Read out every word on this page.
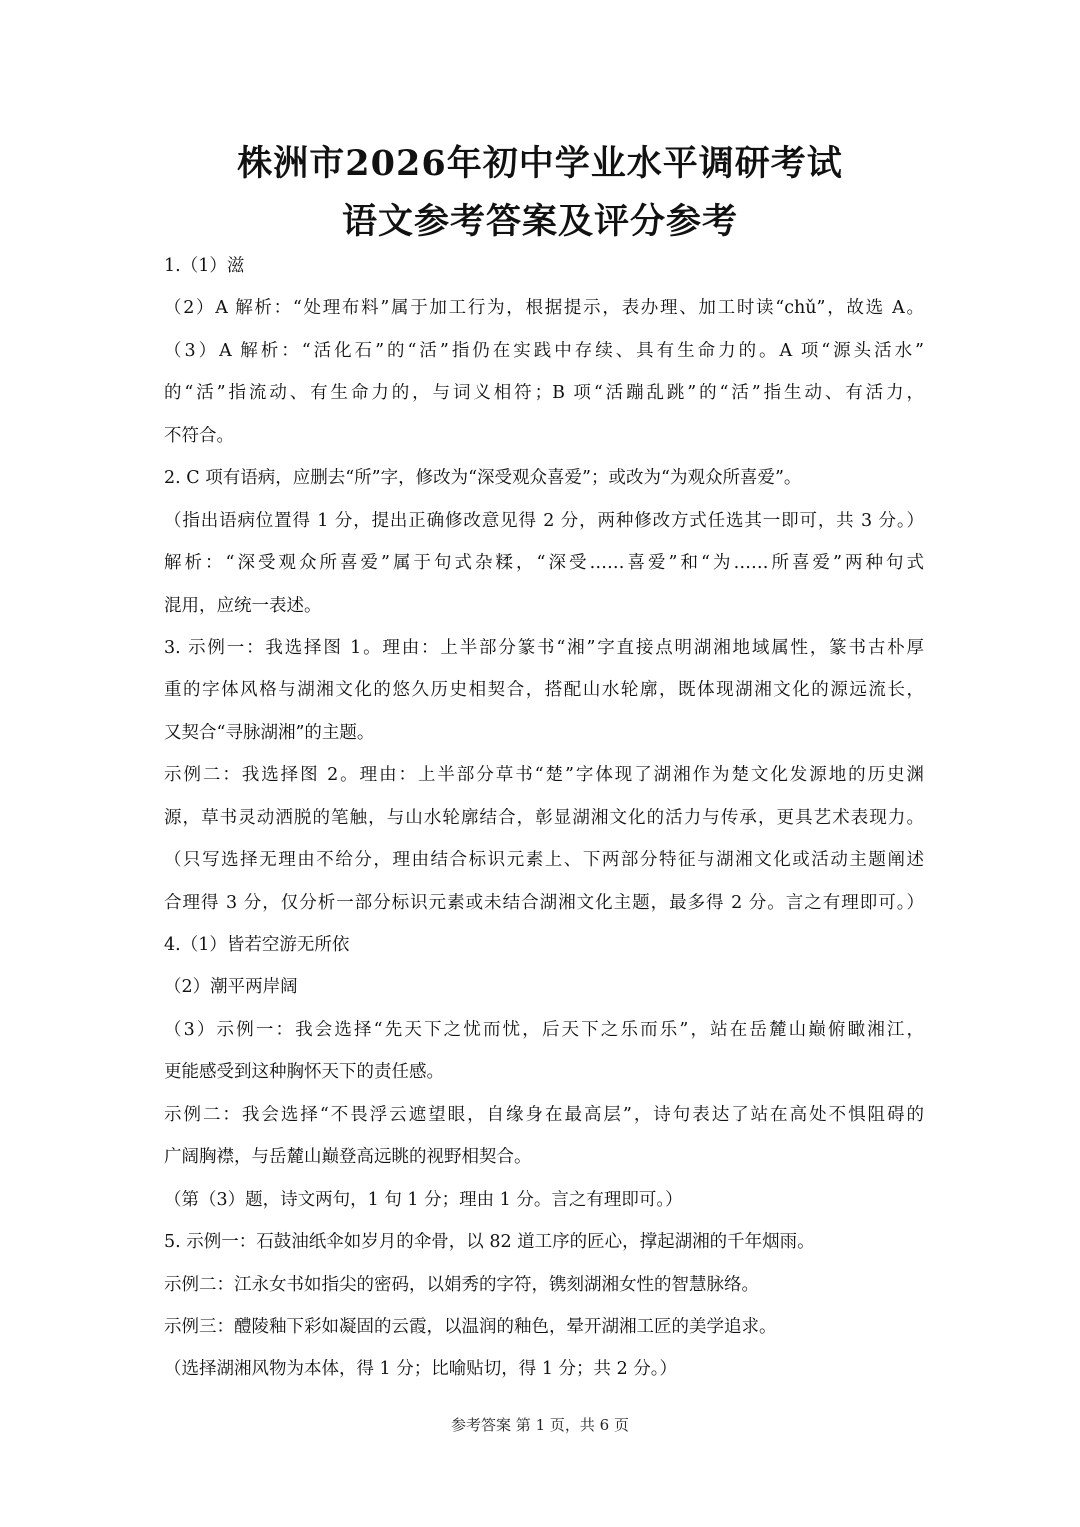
株洲市2026年初中学业水平调研考试
语文参考答案及评分参考
1.（1）滋
（2）A 解析：“处理布料”属于加工行为，根据提示，表办理、加工时读“chǔ”，故选 A。
（3）A 解析：“活化石”的“活”指仍在实践中存续、具有生命力的。A 项“源头活水”
的“活”指流动、有生命力的，与词义相符；B 项“活蹦乱跳”的“活”指生动、有活力，
不符合。
2. C 项有语病，应删去“所”字，修改为“深受观众喜爱”；或改为“为观众所喜爱”。
（指出语病位置得 1 分，提出正确修改意见得 2 分，两种修改方式任选其一即可，共 3 分。）
解析：“深受观众所喜爱”属于句式杂糅，“深受……喜爱”和“为……所喜爱”两种句式
混用，应统一表述。
3. 示例一：我选择图 1。理由：上半部分篆书“湘”字直接点明湖湘地域属性，篆书古朴厚
重的字体风格与湖湘文化的悠久历史相契合，搭配山水轮廓，既体现湖湘文化的源远流长，
又契合“寻脉湖湘”的主题。
示例二：我选择图 2。理由：上半部分草书“楚”字体现了湖湘作为楚文化发源地的历史渊
源，草书灵动洒脱的笔触，与山水轮廓结合，彰显湖湘文化的活力与传承，更具艺术表现力。
（只写选择无理由不给分，理由结合标识元素上、下两部分特征与湖湘文化或活动主题阐述
合理得 3 分，仅分析一部分标识元素或未结合湖湘文化主题，最多得 2 分。言之有理即可。）
4.（1）皆若空游无所依
（2）潮平两岸阔
（3）示例一：我会选择“先天下之忧而忧，后天下之乐而乐”，站在岳麓山巅俯瞰湘江，
更能感受到这种胸怀天下的责任感。
示例二：我会选择“不畏浮云遮望眼，自缘身在最高层”，诗句表达了站在高处不惧阻碍的
广阔胸襟，与岳麓山巅登高远眺的视野相契合。
（第（3）题，诗文两句，1 句 1 分；理由 1 分。言之有理即可。）
5. 示例一：石鼓油纸伞如岁月的伞骨，以 82 道工序的匠心，撑起湖湘的千年烟雨。
示例二：江永女书如指尖的密码，以娟秀的字符，镌刻湖湘女性的智慧脉络。
示例三：醴陵釉下彩如凝固的云霞，以温润的釉色，晕开湖湘工匠的美学追求。
（选择湖湘风物为本体，得 1 分；比喻贴切，得 1 分；共 2 分。）
参考答案 第 1 页，共 6 页
